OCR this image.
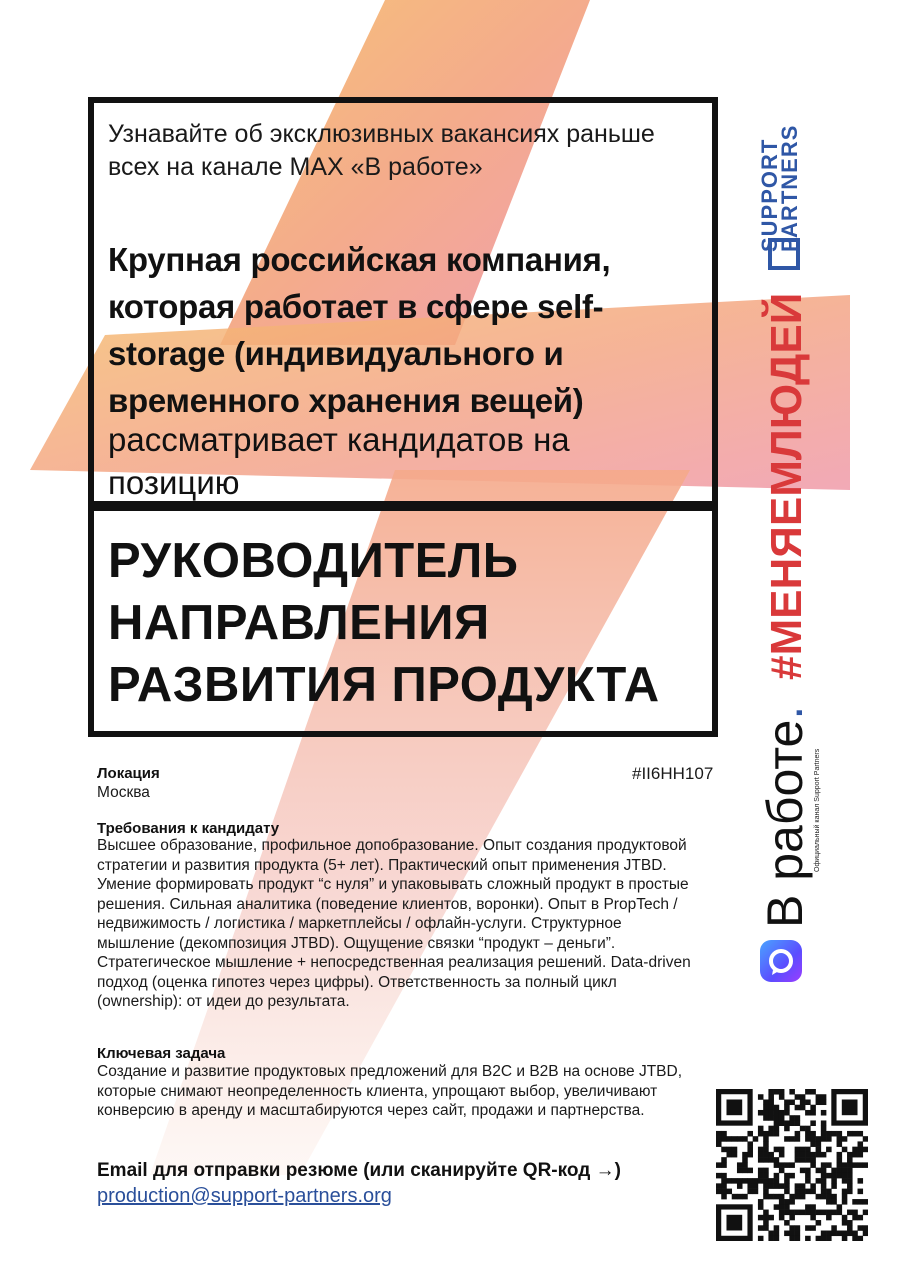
Узнавайте об эксклюзивных вакансиях раньше всех на канале MAX «В работе»
Крупная российская компания, которая работает в сфере self-storage (индивидуального и временного хранения вещей)
рассматривает кандидатов на позицию
РУКОВОДИТЕЛЬ НАПРАВЛЕНИЯ РАЗВИТИЯ ПРОДУКТА
Локация
Москва
#II6HH107
Требования к кандидату
Высшее образование, профильное допобразование. Опыт создания продуктовой стратегии и развития продукта (5+ лет). Практический опыт применения JTBD. Умение формировать продукт “с нуля” и упаковывать сложный продукт в простые решения. Сильная аналитика (поведение клиентов, воронки). Опыт в PropTech / недвижимость / логистика / маркетплейсы / офлайн-услуги. Структурное мышление (декомпозиция JTBD). Ощущение связки “продукт – деньги”. Стратегическое мышление + непосредственная реализация решений. Data-driven подход (оценка гипотез через цифры). Ответственность за полный цикл (ownership): от идеи до результата.
Ключевая задача
Создание и развитие продуктовых предложений для B2C и B2B на основе JTBD, которые снимают неопределенность клиента, упрощают выбор, увеличивают конверсию в аренду и масштабируются через сайт, продажи и партнерства.
Email для отправки резюме (или сканируйте QR-код →)
production@support-partners.org
SUPPORT
PARTNERS
#МЕНЯЕМЛЮДЕЙ
В работе.
Официальный канал Support Partners
